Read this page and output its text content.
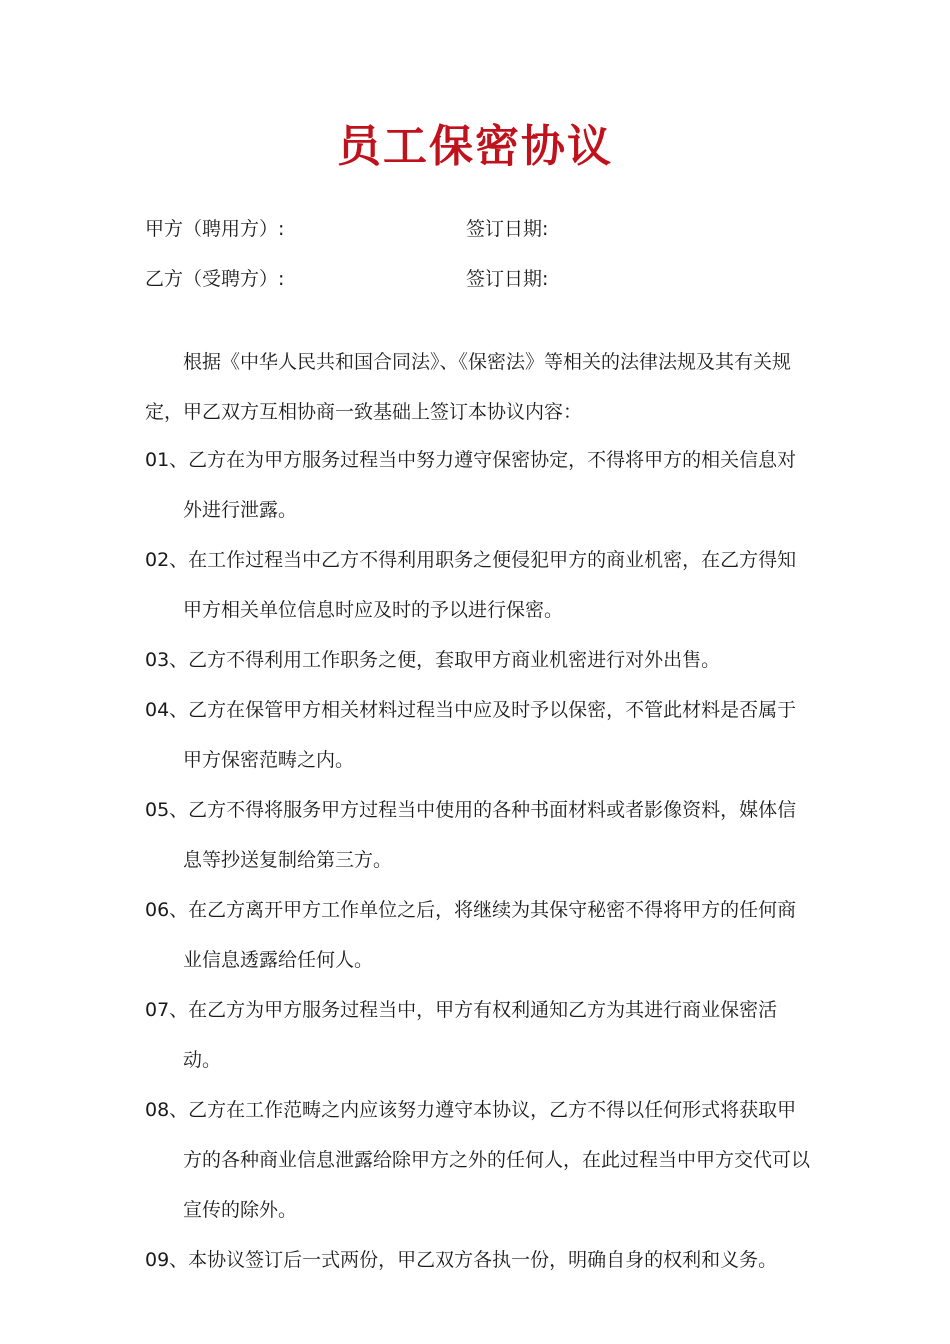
员工保密协议
甲方（聘用方）:	签订日期:
乙方（受聘方）:	签订日期:

根据《中华人民共和国合同法》、《保密法》等相关的法律法规及其有关规定，甲乙双方互相协商一致基础上签订本协议内容：

01、乙方在为甲方服务过程当中努力遵守保密协定，不得将甲方的相关信息对外进行泄露。
02、在工作过程当中乙方不得利用职务之便侵犯甲方的商业机密，在乙方得知甲方相关单位信息时应及时的予以进行保密。
03、乙方不得利用工作职务之便，套取甲方商业机密进行对外出售。
04、乙方在保管甲方相关材料过程当中应及时予以保密，不管此材料是否属于甲方保密范畴之内。
05、乙方不得将服务甲方过程当中使用的各种书面材料或者影像资料，媒体信息等抄送复制给第三方。
06、在乙方离开甲方工作单位之后，将继续为其保守秘密不得将甲方的任何商业信息透露给任何人。
07、在乙方为甲方服务过程当中，甲方有权利通知乙方为其进行商业保密活动。
08、乙方在工作范畴之内应该努力遵守本协议，乙方不得以任何形式将获取甲方的各种商业信息泄露给除甲方之外的任何人，在此过程当中甲方交代可以宣传的除外。
09、本协议签订后一式两份，甲乙双方各执一份，明确自身的权利和义务。
